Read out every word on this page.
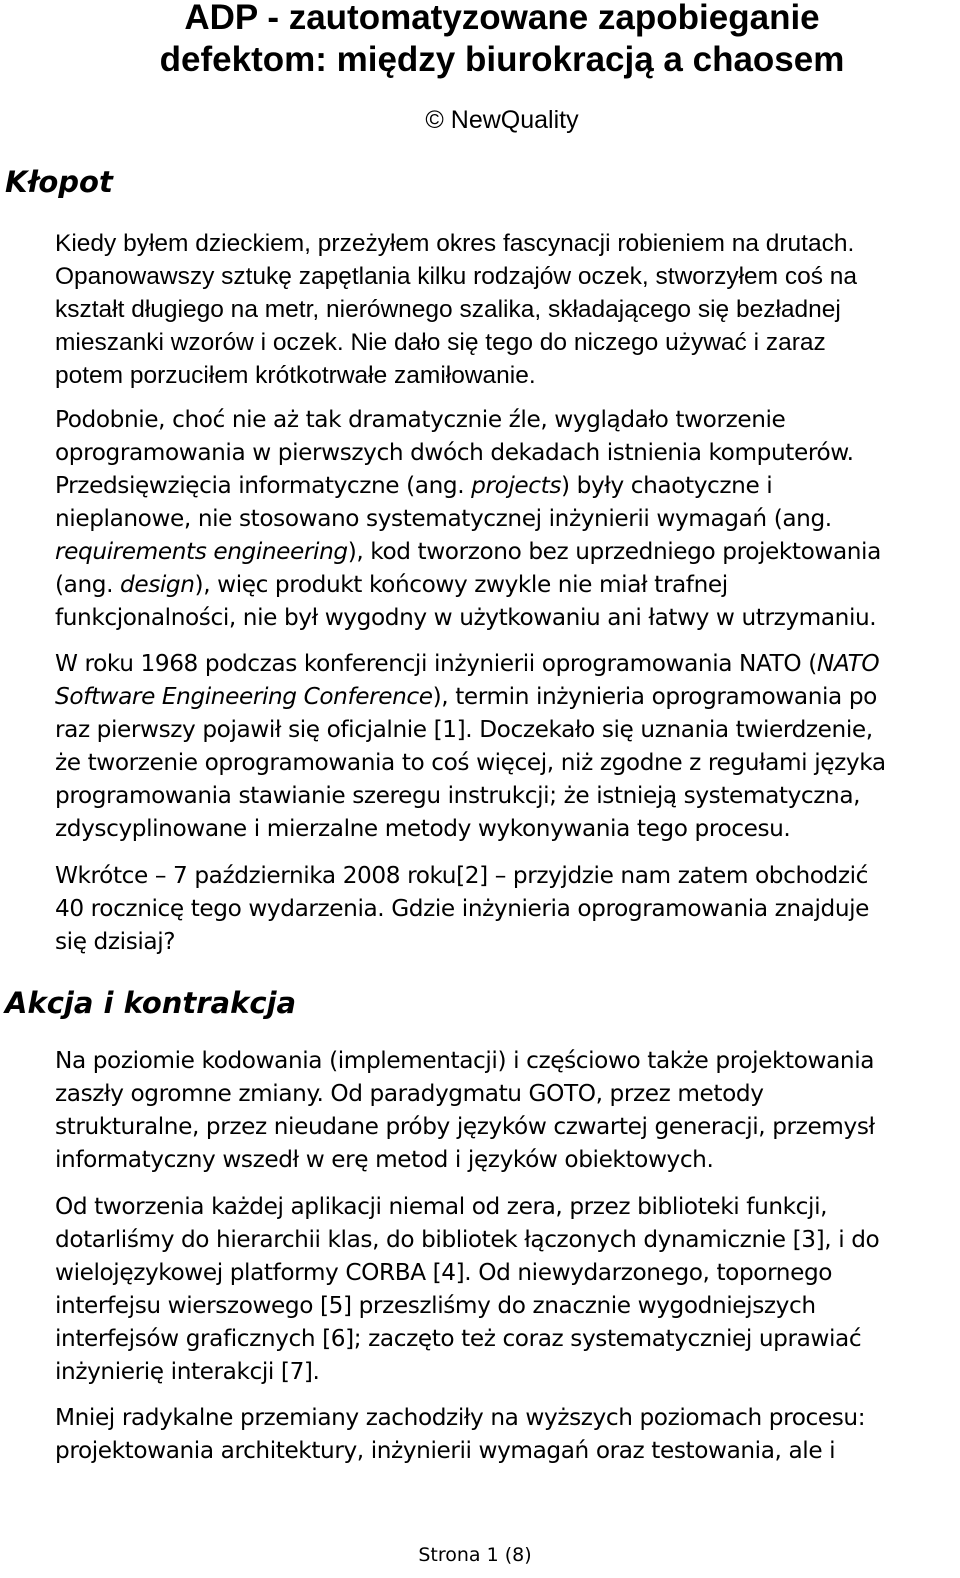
ADP - zautomatyzowane zapobieganie
defektom: między biurokracją a chaosem
© NewQuality
Kłopot

Kiedy byłem dzieckiem, przeżyłem okres fascynacji robieniem na drutach.
Opanowawszy sztukę zapętlania kilku rodzajów oczek, stworzyłem coś na
kształt długiego na metr, nierównego szalika, składającego się bezładnej
mieszanki wzorów i oczek. Nie dało się tego do niczego używać i zaraz
potem porzuciłem krótkotrwałe zamiłowanie.

Podobnie, choć nie aż tak dramatycznie źle, wyglądało tworzenie
oprogramowania w pierwszych dwóch dekadach istnienia komputerów.
Przedsięwzięcia informatyczne (ang. projects) były chaotyczne i
nieplanowe, nie stosowano systematycznej inżynierii wymagań (ang.
requirements engineering), kod tworzono bez uprzedniego projektowania
(ang. design), więc produkt końcowy zwykle nie miał trafnej
funkcjonalności, nie był wygodny w użytkowaniu ani łatwy w utrzymaniu.

W roku 1968 podczas konferencji inżynierii oprogramowania NATO (NATO
Software Engineering Conference), termin inżynieria oprogramowania po
raz pierwszy pojawił się oficjalnie [1]. Doczekało się uznania twierdzenie,
że tworzenie oprogramowania to coś więcej, niż zgodne z regułami języka
programowania stawianie szeregu instrukcji; że istnieją systematyczna,
zdyscyplinowane i mierzalne metody wykonywania tego procesu.

Wkrótce – 7 października 2008 roku[2] – przyjdzie nam zatem obchodzić
40 rocznicę tego wydarzenia. Gdzie inżynieria oprogramowania znajduje
się dzisiaj?

Akcja i kontrakcja

Na poziomie kodowania (implementacji) i częściowo także projektowania
zaszły ogromne zmiany. Od paradygmatu GOTO, przez metody
strukturalne, przez nieudane próby języków czwartej generacji, przemysł
informatyczny wszedł w erę metod i języków obiektowych.

Od tworzenia każdej aplikacji niemal od zera, przez biblioteki funkcji,
dotarliśmy do hierarchii klas, do bibliotek łączonych dynamicznie [3], i do
wielojęzykowej platformy CORBA [4]. Od niewydarzonego, topornego
interfejsu wierszowego [5] przeszliśmy do znacznie wygodniejszych
interfejsów graficznych [6]; zaczęto też coraz systematyczniej uprawiać
inżynierię interakcji [7].

Mniej radykalne przemiany zachodziły na wyższych poziomach procesu:
projektowania architektury, inżynierii wymagań oraz testowania, ale i

Strona 1 (8)
